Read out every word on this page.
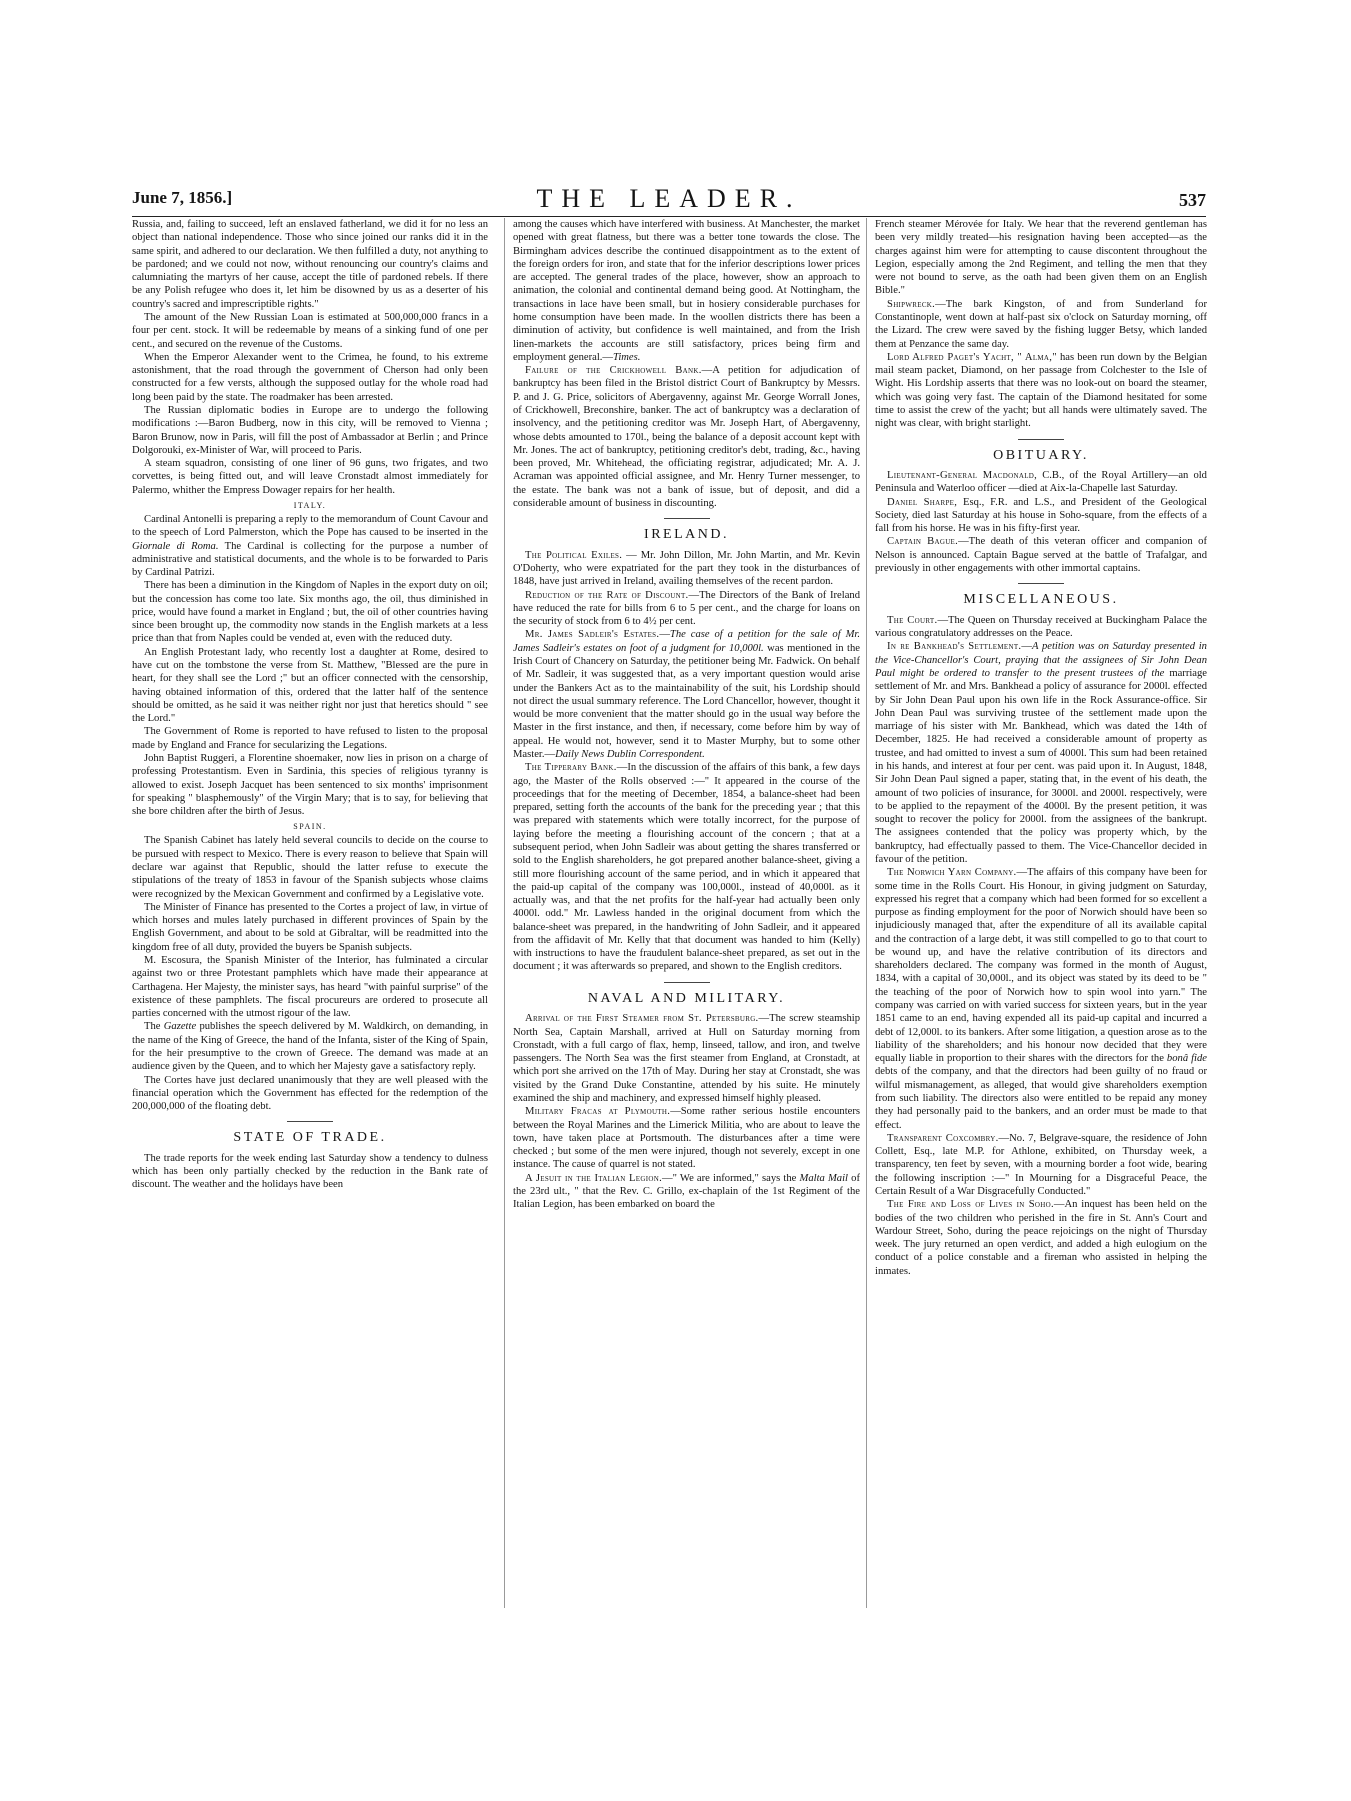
June 7, 1856.]	THE LEADER.	537

Russia, and, failing to succeed, left an enslaved fatherland, we did it for no less an object than national independence. Those who since joined our ranks did it in the same spirit, and adhered to our declaration. We then fulfilled a duty, not anything to be pardoned; and we could not now, without renouncing our country's claims and calumniating the martyrs of her cause, accept the title of pardoned rebels. If there be any Polish refugee who does it, let him be disowned by us as a deserter of his country's sacred and imprescriptible rights."

The amount of the New Russian Loan is estimated at 500,000,000 francs in a four per cent. stock. It will be redeemable by means of a sinking fund of one per cent., and secured on the revenue of the Customs.

When the Emperor Alexander went to the Crimea, he found, to his extreme astonishment, that the road through the government of Cherson had only been constructed for a few versts, although the supposed outlay for the whole road had long been paid by the state. The roadmaker has been arrested.

The Russian diplomatic bodies in Europe are to undergo the following modifications :—Baron Budberg, now in this city, will be removed to Vienna ; Baron Brunow, now in Paris, will fill the post of Ambassador at Berlin ; and Prince Dolgorouki, ex-Minister of War, will proceed to Paris.

A steam squadron, consisting of one liner of 96 guns, two frigates, and two corvettes, is being fitted out, and will leave Cronstadt almost immediately for Palermo, whither the Empress Dowager repairs for her health.

ITALY.

Cardinal Antonelli is preparing a reply to the memorandum of Count Cavour and to the speech of Lord Palmerston, which the Pope has caused to be inserted in the Giornale di Roma. The Cardinal is collecting for the purpose a number of administrative and statistical documents, and the whole is to be forwarded to Paris by Cardinal Patrizi.

There has been a diminution in the Kingdom of Naples in the export duty on oil; but the concession has come too late. Six months ago, the oil, thus diminished in price, would have found a market in England ; but, the oil of other countries having since been brought up, the commodity now stands in the English markets at a less price than that from Naples could be vended at, even with the reduced duty.

An English Protestant lady, who recently lost a daughter at Rome, desired to have cut on the tombstone the verse from St. Matthew, "Blessed are the pure in heart, for they shall see the Lord ;" but an officer connected with the censorship, having obtained information of this, ordered that the latter half of the sentence should be omitted, as he said it was neither right nor just that heretics should " see the Lord."

The Government of Rome is reported to have refused to listen to the proposal made by England and France for secularizing the Legations.

John Baptist Ruggeri, a Florentine shoemaker, now lies in prison on a charge of professing Protestantism. Even in Sardinia, this species of religious tyranny is allowed to exist. Joseph Jacquet has been sentenced to six months' imprisonment for speaking " blasphemously" of the Virgin Mary; that is to say, for believing that she bore children after the birth of Jesus.

SPAIN.

The Spanish Cabinet has lately held several councils to decide on the course to be pursued with respect to Mexico. There is every reason to believe that Spain will declare war against that Republic, should the latter refuse to execute the stipulations of the treaty of 1853 in favour of the Spanish subjects whose claims were recognized by the Mexican Government and confirmed by a Legislative vote.

The Minister of Finance has presented to the Cortes a project of law, in virtue of which horses and mules lately purchased in different provinces of Spain by the English Government, and about to be sold at Gibraltar, will be readmitted into the kingdom free of all duty, provided the buyers be Spanish subjects.

M. Escosura, the Spanish Minister of the Interior, has fulminated a circular against two or three Protestant pamphlets which have made their appearance at Carthagena. Her Majesty, the minister says, has heard "with painful surprise" of the existence of these pamphlets. The fiscal procureurs are ordered to prosecute all parties concerned with the utmost rigour of the law.

The Gazette publishes the speech delivered by M. Waldkirch, on demanding, in the name of the King of Greece, the hand of the Infanta, sister of the King of Spain, for the heir presumptive to the crown of Greece. The demand was made at an audience given by the Queen, and to which her Majesty gave a satisfactory reply.

The Cortes have just declared unanimously that they are well pleased with the financial operation which the Government has effected for the redemption of the 200,000,000 of the floating debt.

STATE OF TRADE.

The trade reports for the week ending last Saturday show a tendency to dulness which has been only partially checked by the reduction in the Bank rate of discount. The weather and the holidays have been

among the causes which have interfered with business. At Manchester, the market opened with great flatness, but there was a better tone towards the close. The Birmingham advices describe the continued disappointment as to the extent of the foreign orders for iron, and state that for the inferior descriptions lower prices are accepted. The general trades of the place, however, show an approach to animation, the colonial and continental demand being good. At Nottingham, the transactions in lace have been small, but in hosiery considerable purchases for home consumption have been made. In the woollen districts there has been a diminution of activity, but confidence is well maintained, and from the Irish linen-markets the accounts are still satisfactory, prices being firm and employment general.—Times.

Failure of the Crickhowell Bank.—A petition for adjudication of bankruptcy has been filed in the Bristol district Court of Bankruptcy by Messrs. P. and J. G. Price, solicitors of Abergavenny, against Mr. George Worrall Jones, of Crickhowell, Breconshire, banker. The act of bankruptcy was a declaration of insolvency, and the petitioning creditor was Mr. Joseph Hart, of Abergavenny, whose debts amounted to 170l., being the balance of a deposit account kept with Mr. Jones. The act of bankruptcy, petitioning creditor's debt, trading, &c., having been proved, Mr. Whitehead, the officiating registrar, adjudicated; Mr. A. J. Acraman was appointed official assignee, and Mr. Henry Turner messenger, to the estate. The bank was not a bank of issue, but of deposit, and did a considerable amount of business in discounting.

IRELAND.

The Political Exiles. — Mr. John Dillon, Mr. John Martin, and Mr. Kevin O'Doherty, who were expatriated for the part they took in the disturbances of 1848, have just arrived in Ireland, availing themselves of the recent pardon.

Reduction of the Rate of Discount.—The Directors of the Bank of Ireland have reduced the rate for bills from 6 to 5 per cent., and the charge for loans on the security of stock from 6 to 4½ per cent.

Mr. James Sadleir's Estates.—The case of a petition for the sale of Mr. James Sadleir's estates on foot of a judgment for 10,000l. was mentioned in the Irish Court of Chancery on Saturday, the petitioner being Mr. Fadwick. On behalf of Mr. Sadleir, it was suggested that, as a very important question would arise under the Bankers Act as to the maintainability of the suit, his Lordship should not direct the usual summary reference. The Lord Chancellor, however, thought it would be more convenient that the matter should go in the usual way before the Master in the first instance, and then, if necessary, come before him by way of appeal. He would not, however, send it to Master Murphy, but to some other Master.—Daily News Dublin Correspondent.

The Tipperary Bank.—In the discussion of the affairs of this bank, a few days ago, the Master of the Rolls observed :—" It appeared in the course of the proceedings that for the meeting of December, 1854, a balance-sheet had been prepared, setting forth the accounts of the bank for the preceding year ; that this was prepared with statements which were totally incorrect, for the purpose of laying before the meeting a flourishing account of the concern ; that at a subsequent period, when John Sadleir was about getting the shares transferred or sold to the English shareholders, he got prepared another balance-sheet, giving a still more flourishing account of the same period, and in which it appeared that the paid-up capital of the company was 100,000l., instead of 40,000l. as it actually was, and that the net profits for the half-year had actually been only 4000l. odd." Mr. Lawless handed in the original document from which the balance-sheet was prepared, in the handwriting of John Sadleir, and it appeared from the affidavit of Mr. Kelly that that document was handed to him (Kelly) with instructions to have the fraudulent balance-sheet prepared, as set out in the document ; it was afterwards so prepared, and shown to the English creditors.

NAVAL AND MILITARY.

Arrival of the First Steamer from St. Petersburg.—The screw steamship North Sea, Captain Marshall, arrived at Hull on Saturday morning from Cronstadt, with a full cargo of flax, hemp, linseed, tallow, and iron, and twelve passengers. The North Sea was the first steamer from England, at Cronstadt, at which port she arrived on the 17th of May. During her stay at Cronstadt, she was visited by the Grand Duke Constantine, attended by his suite. He minutely examined the ship and machinery, and expressed himself highly pleased.

Military Fracas at Plymouth.—Some rather serious hostile encounters between the Royal Marines and the Limerick Militia, who are about to leave the town, have taken place at Portsmouth. The disturbances after a time were checked ; but some of the men were injured, though not severely, except in one instance. The cause of quarrel is not stated.

A Jesuit in the Italian Legion.—" We are informed," says the Malta Mail of the 23rd ult., " that the Rev. C. Grillo, ex-chaplain of the 1st Regiment of the Italian Legion, has been embarked on board the

French steamer Mérovée for Italy. We hear that the reverend gentleman has been very mildly treated—his resignation having been accepted—as the charges against him were for attempting to cause discontent throughout the Legion, especially among the 2nd Regiment, and telling the men that they were not bound to serve, as the oath had been given them on an English Bible."

Shipwreck.—The bark Kingston, of and from Sunderland for Constantinople, went down at half-past six o'clock on Saturday morning, off the Lizard. The crew were saved by the fishing lugger Betsy, which landed them at Penzance the same day.

Lord Alfred Paget's Yacht, " Alma," has been run down by the Belgian mail steam packet, Diamond, on her passage from Colchester to the Isle of Wight. His Lordship asserts that there was no look-out on board the steamer, which was going very fast. The captain of the Diamond hesitated for some time to assist the crew of the yacht; but all hands were ultimately saved. The night was clear, with bright starlight.

OBITUARY.

Lieutenant-General Macdonald, C.B., of the Royal Artillery—an old Peninsula and Waterloo officer —died at Aix-la-Chapelle last Saturday.

Daniel Sharpe, Esq., F.R. and L.S., and President of the Geological Society, died last Saturday at his house in Soho-square, from the effects of a fall from his horse. He was in his fifty-first year.

Captain Bague.—The death of this veteran officer and companion of Nelson is announced. Captain Bague served at the battle of Trafalgar, and previously in other engagements with other immortal captains.

MISCELLANEOUS.

The Court.—The Queen on Thursday received at Buckingham Palace the various congratulatory addresses on the Peace.

In re Bankhead's Settlement.—A petition was on Saturday presented in the Vice-Chancellor's Court, praying that the assignees of Sir John Dean Paul might be ordered to transfer to the present trustees of the marriage settlement of Mr. and Mrs. Bankhead a policy of assurance for 2000l. effected by Sir John Dean Paul upon his own life in the Rock Assurance-office. Sir John Dean Paul was surviving trustee of the settlement made upon the marriage of his sister with Mr. Bankhead, which was dated the 14th of December, 1825. He had received a considerable amount of property as trustee, and had omitted to invest a sum of 4000l. This sum had been retained in his hands, and interest at four per cent. was paid upon it. In August, 1848, Sir John Dean Paul signed a paper, stating that, in the event of his death, the amount of two policies of insurance, for 3000l. and 2000l. respectively, were to be applied to the repayment of the 4000l. By the present petition, it was sought to recover the policy for 2000l. from the assignees of the bankrupt. The assignees contended that the policy was property which, by the bankruptcy, had effectually passed to them. The Vice-Chancellor decided in favour of the petition.

The Norwich Yarn Company.—The affairs of this company have been for some time in the Rolls Court. His Honour, in giving judgment on Saturday, expressed his regret that a company which had been formed for so excellent a purpose as finding employment for the poor of Norwich should have been so injudiciously managed that, after the expenditure of all its available capital and the contraction of a large debt, it was still compelled to go to that court to be wound up, and have the relative contribution of its directors and shareholders declared. The company was formed in the month of August, 1834, with a capital of 30,000l., and its object was stated by its deed to be " the teaching of the poor of Norwich how to spin wool into yarn." The company was carried on with varied success for sixteen years, but in the year 1851 came to an end, having expended all its paid-up capital and incurred a debt of 12,000l. to its bankers. After some litigation, a question arose as to the liability of the shareholders; and his honour now decided that they were equally liable in proportion to their shares with the directors for the bonâ fide debts of the company, and that the directors had been guilty of no fraud or wilful mismanagement, as alleged, that would give shareholders exemption from such liability. The directors also were entitled to be repaid any money they had personally paid to the bankers, and an order must be made to that effect.

Transparent Coxcombry.—No. 7, Belgrave-square, the residence of John Collett, Esq., late M.P. for Athlone, exhibited, on Thursday week, a transparency, ten feet by seven, with a mourning border a foot wide, bearing the following inscription :—" In Mourning for a Disgraceful Peace, the Certain Result of a War Disgracefully Conducted."

The Fire and Loss of Lives in Soho.—An inquest has been held on the bodies of the two children who perished in the fire in St. Ann's Court and Wardour Street, Soho, during the peace rejoicings on the night of Thursday week. The jury returned an open verdict, and added a high eulogium on the conduct of a police constable and a fireman who assisted in helping the inmates.
